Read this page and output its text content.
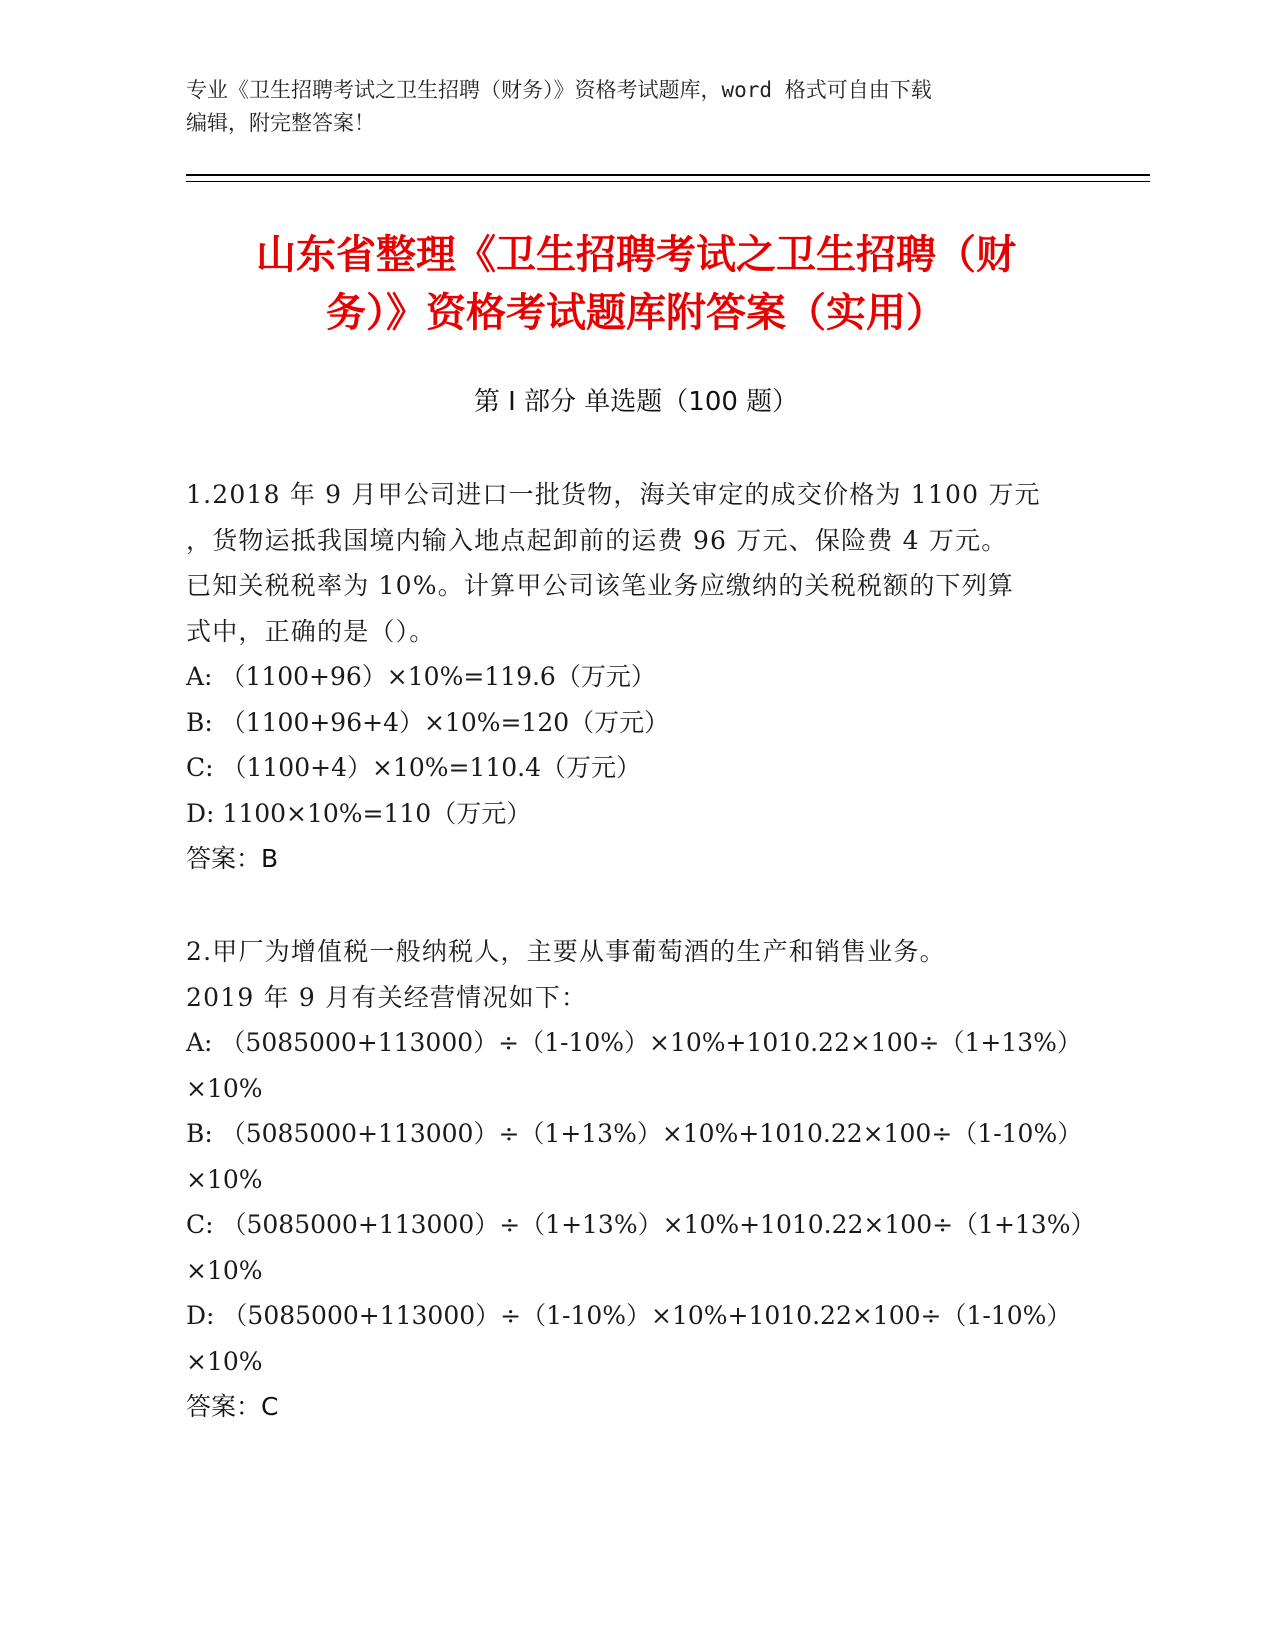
专业《卫生招聘考试之卫生招聘（财务）》资格考试题库，word 格式可自由下载
编辑，附完整答案！
山东省整理《卫生招聘考试之卫生招聘（财
务）》资格考试题库附答案（实用）
第 I 部分 单选题（100 题）

1.2018 年 9 月甲公司进口一批货物，海关审定的成交价格为 1100 万元

，货物运抵我国境内输入地点起卸前的运费 96 万元、保险费 4 万元。

已知关税税率为 10%。计算甲公司该笔业务应缴纳的关税税额的下列算

式中，正确的是（）。

A: （1100+96）×10%=119.6（万元）
B: （1100+96+4）×10%=120（万元）
C: （1100+4）×10%=110.4（万元）
D: 1100×10%=110（万元）
答案：B

2.甲厂为增值税一般纳税人，主要从事葡萄酒的生产和销售业务。

2019 年 9 月有关经营情况如下：

A: （5085000+113000）÷（1-10%）×10%+1010.22×100÷（1+13%）
×10%
B: （5085000+113000）÷（1+13%）×10%+1010.22×100÷（1-10%）
×10%
C: （5085000+113000）÷（1+13%）×10%+1010.22×100÷（1+13%）
×10%
D: （5085000+113000）÷（1-10%）×10%+1010.22×100÷（1-10%）
×10%
答案：C
